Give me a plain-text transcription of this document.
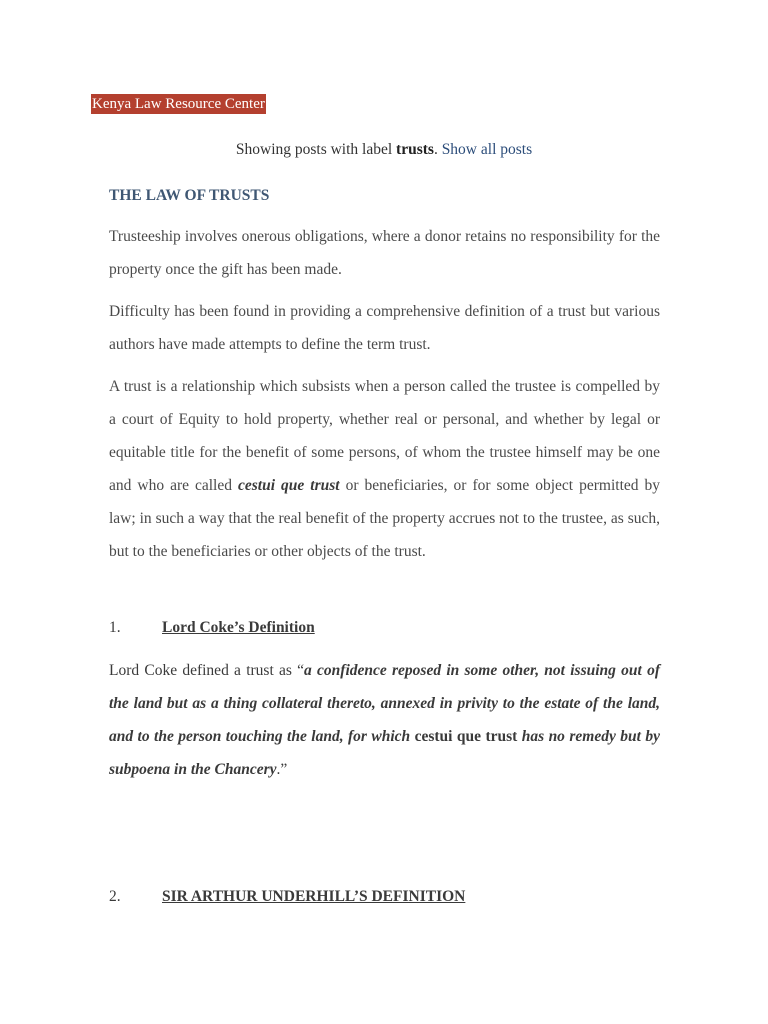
Kenya Law Resource Center
Showing posts with label trusts. Show all posts
THE LAW OF TRUSTS

Trusteeship involves onerous obligations, where a donor retains no responsibility for the property once the gift has been made.

Difficulty has been found in providing a comprehensive definition of a trust but various authors have made attempts to define the term trust.

A trust is a relationship which subsists when a person called the trustee is compelled by a court of Equity to hold property, whether real or personal, and whether by legal or equitable title for the benefit of some persons, of whom the trustee himself may be one and who are called cestui que trust or beneficiaries, or for some object permitted by law; in such a way that the real benefit of the property accrues not to the trustee, as such, but to the beneficiaries or other objects of the trust.

1.	Lord Coke’s Definition

Lord Coke defined a trust as “a confidence reposed in some other, not issuing out of the land but as a thing collateral thereto, annexed in privity to the estate of the land, and to the person touching the land, for which cestui que trust has no remedy but by subpoena in the Chancery.”

2.	SIR ARTHUR UNDERHILL’S DEFINITION
